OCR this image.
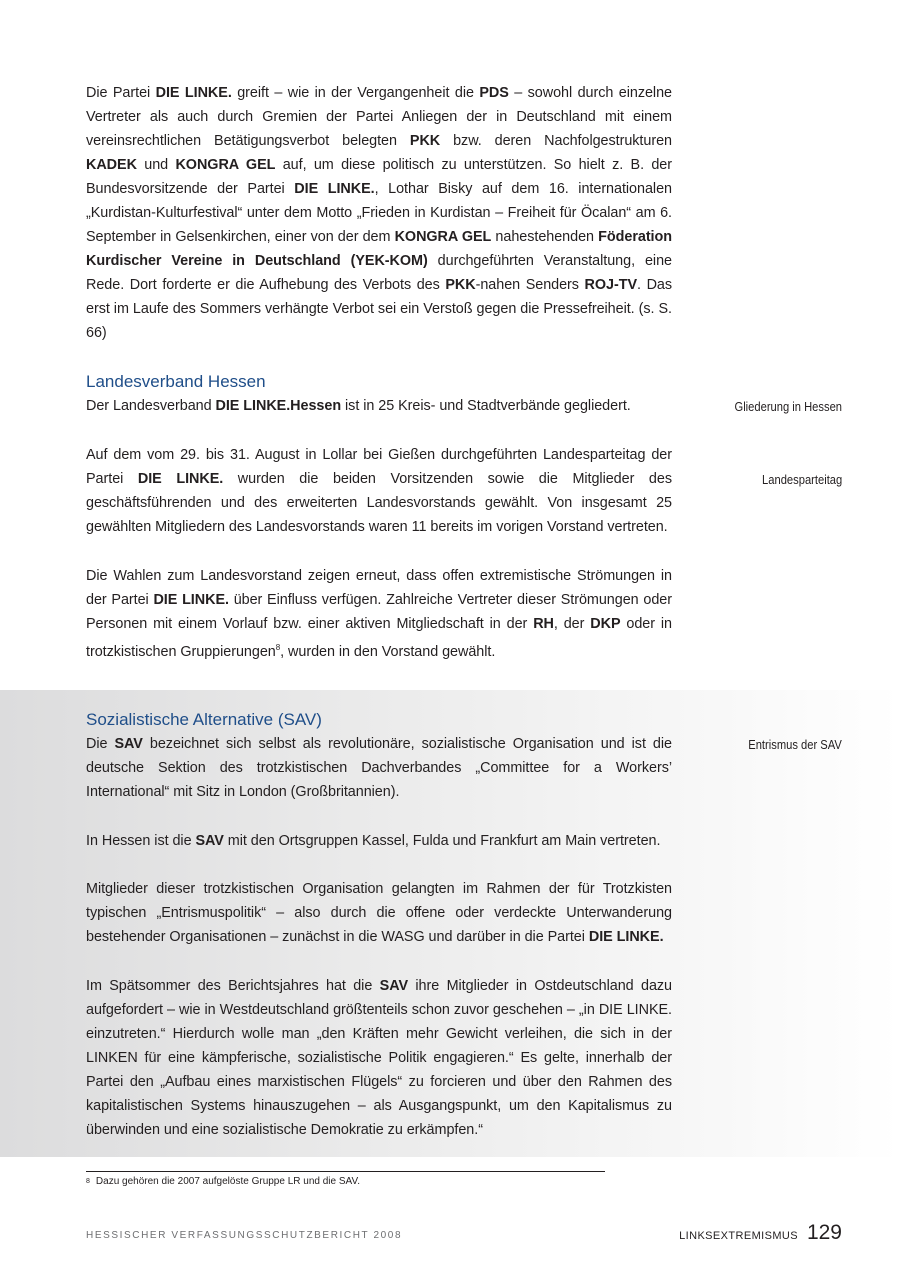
Die Partei DIE LINKE. greift – wie in der Vergangenheit die PDS – sowohl durch einzelne Vertreter als auch durch Gremien der Partei Anliegen der in Deutschland mit einem vereinsrechtlichen Betätigungsverbot belegten PKK bzw. deren Nachfolgestrukturen KADEK und KONGRA GEL auf, um diese politisch zu unterstützen. So hielt z. B. der Bundesvorsitzende der Partei DIE LINKE., Lothar Bisky auf dem 16. internationalen „Kurdistan-Kulturfestival“ unter dem Motto „Frieden in Kurdistan – Freiheit für Öcalan“ am 6. September in Gelsenkirchen, einer von der dem KONGRA GEL nahestehenden Föderation Kurdischer Vereine in Deutschland (YEK-KOM) durchgeführten Veranstaltung, eine Rede. Dort forderte er die Aufhebung des Verbots des PKK-nahen Senders ROJ-TV. Das erst im Laufe des Sommers verhängte Verbot sei ein Verstoß gegen die Pressefreiheit. (s. S. 66)

Landesverband Hessen

Der Landesverband DIE LINKE.Hessen ist in 25 Kreis- und Stadtverbände gegliedert.

Auf dem vom 29. bis 31. August in Lollar bei Gießen durchgeführten Landesparteitag der Partei DIE LINKE. wurden die beiden Vorsitzenden sowie die Mitglieder des geschäftsführenden und des erweiterten Landesvorstands gewählt. Von insgesamt 25 gewählten Mitgliedern des Landesvorstands waren 11 bereits im vorigen Vorstand vertreten.

Die Wahlen zum Landesvorstand zeigen erneut, dass offen extremistische Strömungen in der Partei DIE LINKE. über Einfluss verfügen. Zahlreiche Vertreter dieser Strömungen oder Personen mit einem Vorlauf bzw. einer aktiven Mitgliedschaft in der RH, der DKP oder in trotzkistischen Gruppierungen$^8$, wurden in den Vorstand gewählt.

Sozialistische Alternative (SAV)

Die SAV bezeichnet sich selbst als revolutionäre, sozialistische Organisation und ist die deutsche Sektion des trotzkistischen Dachverbandes „Committee for a Workers’ International“ mit Sitz in London (Großbritannien).

In Hessen ist die SAV mit den Ortsgruppen Kassel, Fulda und Frankfurt am Main vertreten.

Mitglieder dieser trotzkistischen Organisation gelangten im Rahmen der für Trotzkisten typischen „Entrismuspolitik“ – also durch die offene oder verdeckte Unterwanderung bestehender Organisationen – zunächst in die WASG und darüber in die Partei DIE LINKE.

Im Spätsommer des Berichtsjahres hat die SAV ihre Mitglieder in Ostdeutschland dazu aufgefordert – wie in Westdeutschland größtenteils schon zuvor geschehen – „in DIE LINKE. einzutreten.“ Hierdurch wolle man „den Kräften mehr Gewicht verleihen, die sich in der LINKEN für eine kämpferische, sozialistische Politik engagieren.“ Es gelte, innerhalb der Partei den „Aufbau eines marxistischen Flügels“ zu forcieren und über den Rahmen des kapitalistischen Systems hinauszugehen – als Ausgangspunkt, um den Kapitalismus zu überwinden und eine sozialistische Demokratie zu erkämpfen.“

Gliederung in Hessen
Landesparteitag
Entrismus der SAV
$^8$ Dazu gehören die 2007 aufgelöste Gruppe LR und die SAV.
HESSISCHER VERFASSUNGSSCHUTZBERICHT 2008	LINKSEXTREMISMUS 129
